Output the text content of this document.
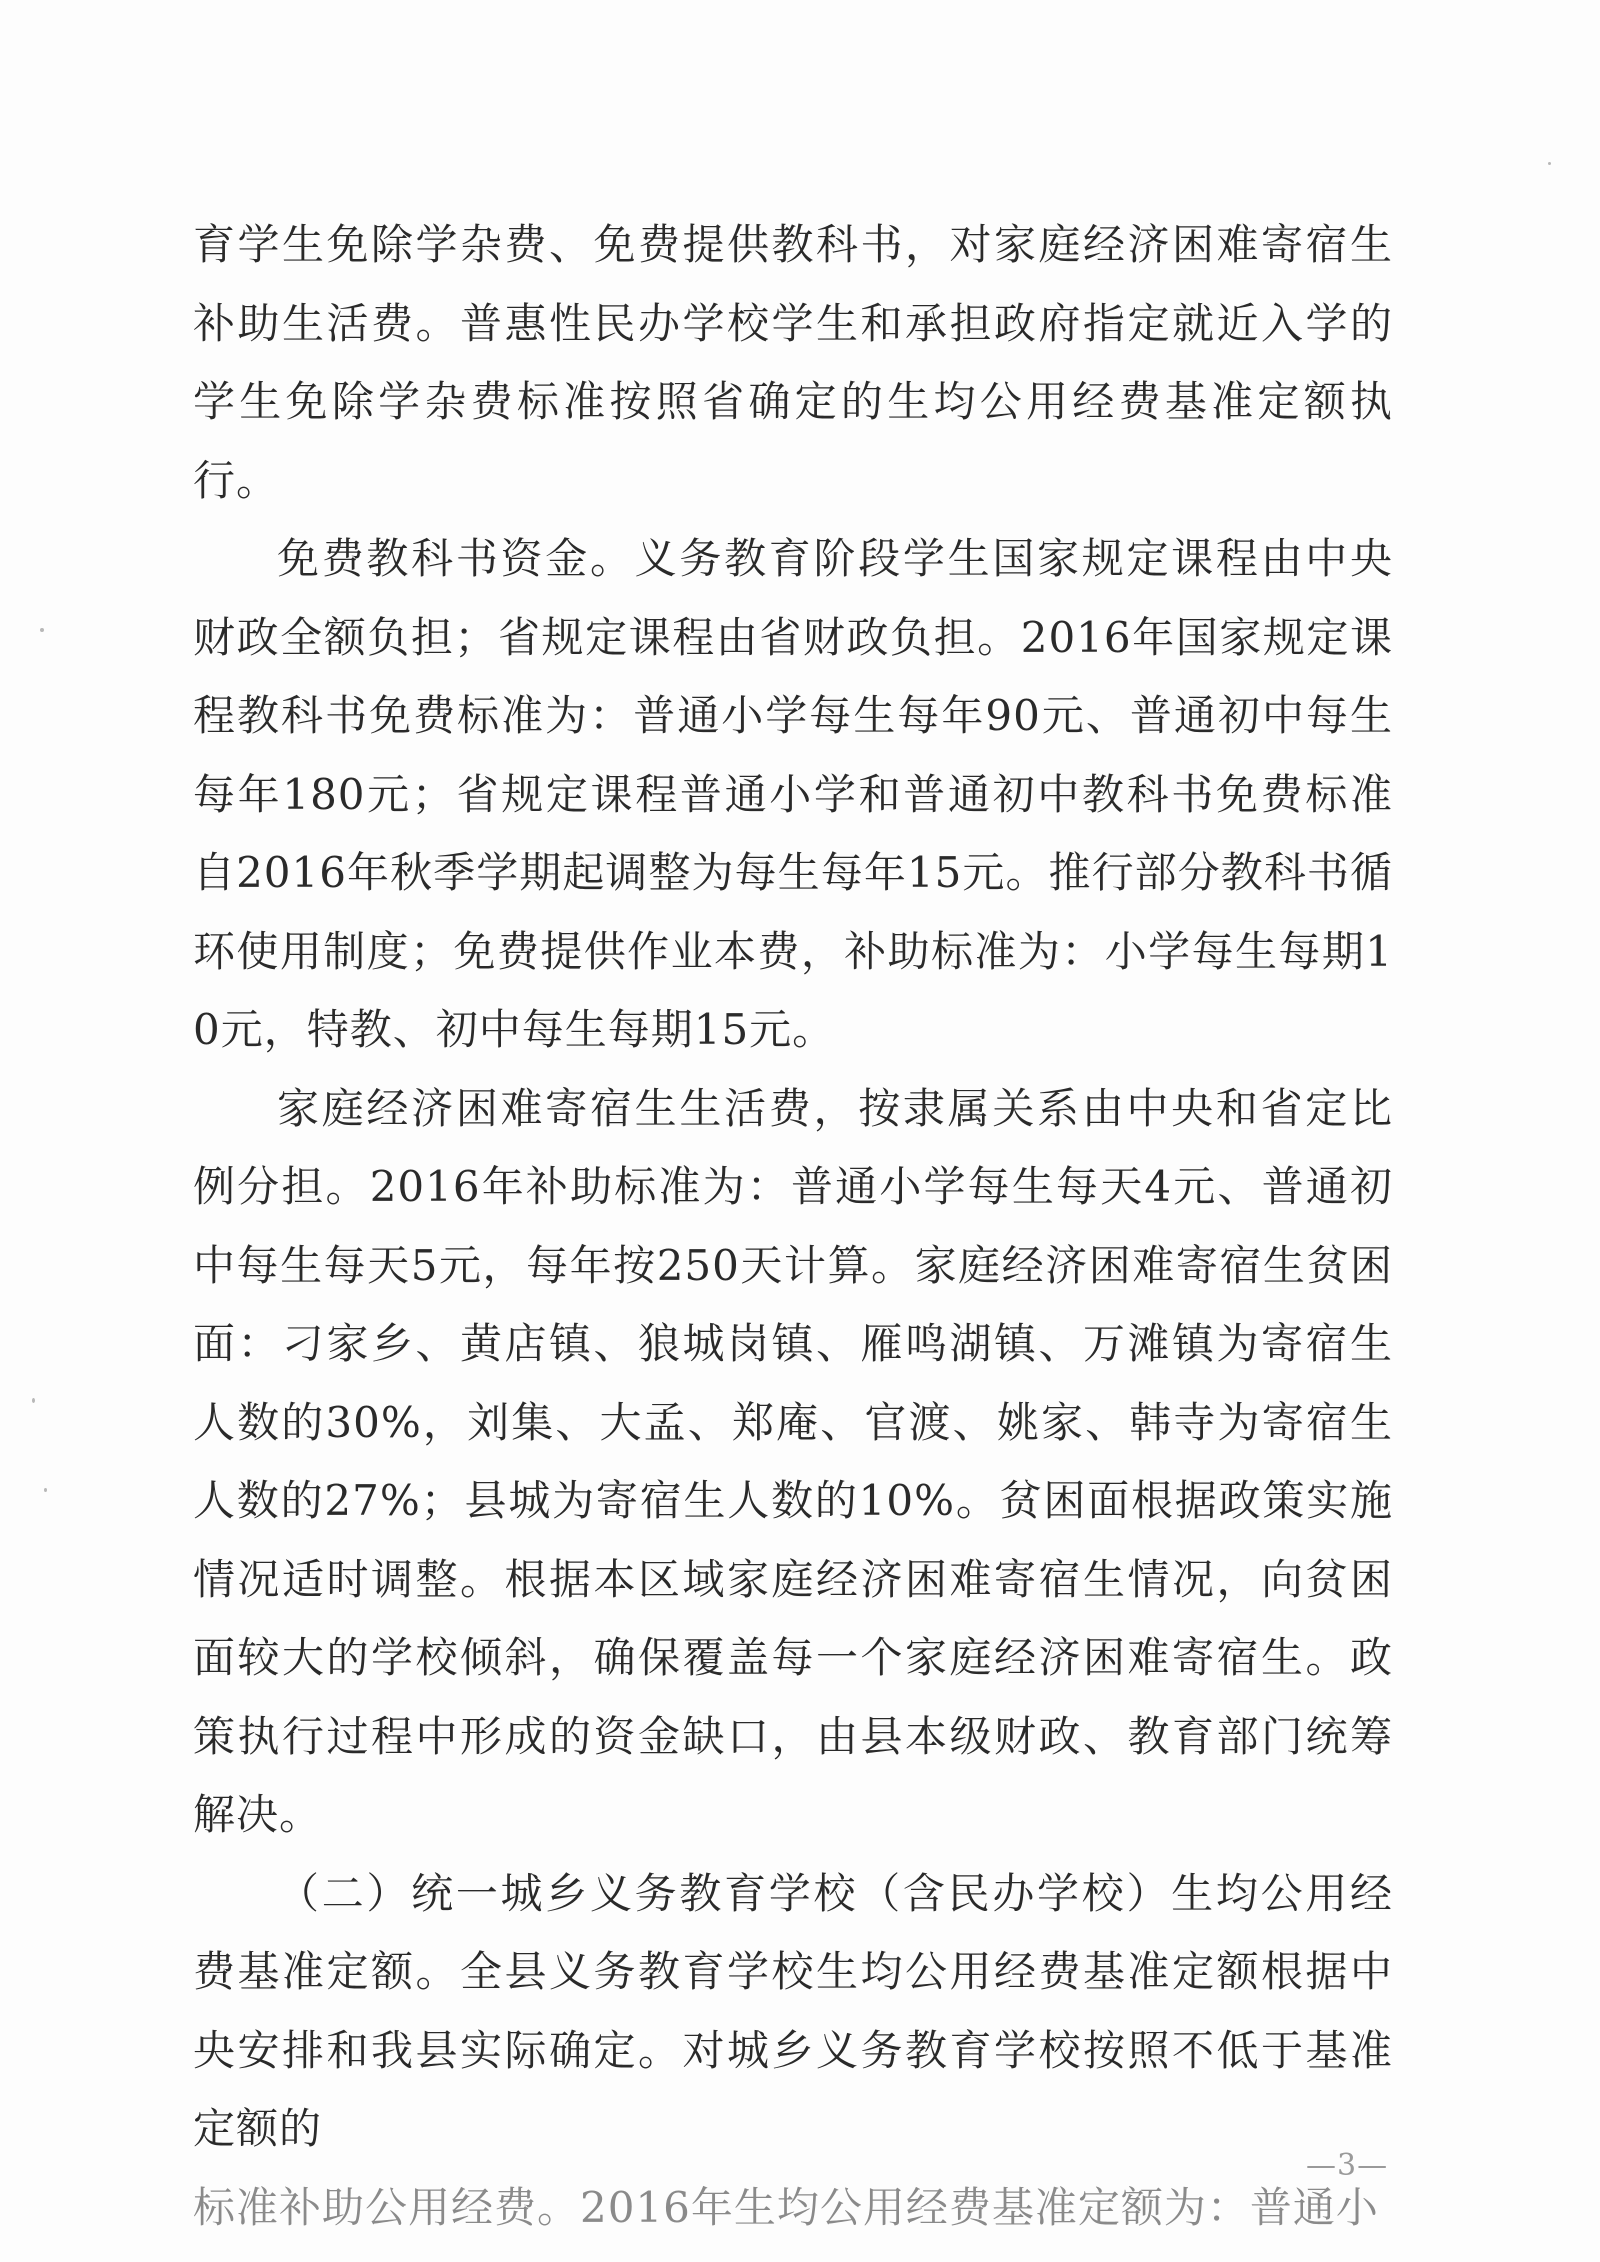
育学生免除学杂费、免费提供教科书，对家庭经济困难寄宿生补助生活费。普惠性民办学校学生和承担政府指定就近入学的学生免除学杂费标准按照省确定的生均公用经费基准定额执行。

免费教科书资金。义务教育阶段学生国家规定课程由中央财政全额负担；省规定课程由省财政负担。2016年国家规定课程教科书免费标准为：普通小学每生每年90元、普通初中每生每年180元；省规定课程普通小学和普通初中教科书免费标准自2016年秋季学期起调整为每生每年15元。推行部分教科书循环使用制度；免费提供作业本费，补助标准为：小学每生每期10元，特教、初中每生每期15元。

家庭经济困难寄宿生生活费，按隶属关系由中央和省定比例分担。2016年补助标准为：普通小学每生每天4元、普通初中每生每天5元，每年按250天计算。家庭经济困难寄宿生贫困面：刁家乡、黄店镇、狼城岗镇、雁鸣湖镇、万滩镇为寄宿生人数的30%，刘集、大孟、郑庵、官渡、姚家、韩寺为寄宿生人数的27%；县城为寄宿生人数的10%。贫困面根据政策实施情况适时调整。根据本区域家庭经济困难寄宿生情况，向贫困面较大的学校倾斜，确保覆盖每一个家庭经济困难寄宿生。政策执行过程中形成的资金缺口，由县本级财政、教育部门统筹解决。

（二）统一城乡义务教育学校（含民办学校）生均公用经费基准定额。全县义务教育学校生均公用经费基准定额根据中央安排和我县实际确定。对城乡义务教育学校按照不低于基准定额的

标准补助公用经费。2016年生均公用经费基准定额为：普通小

—3—
